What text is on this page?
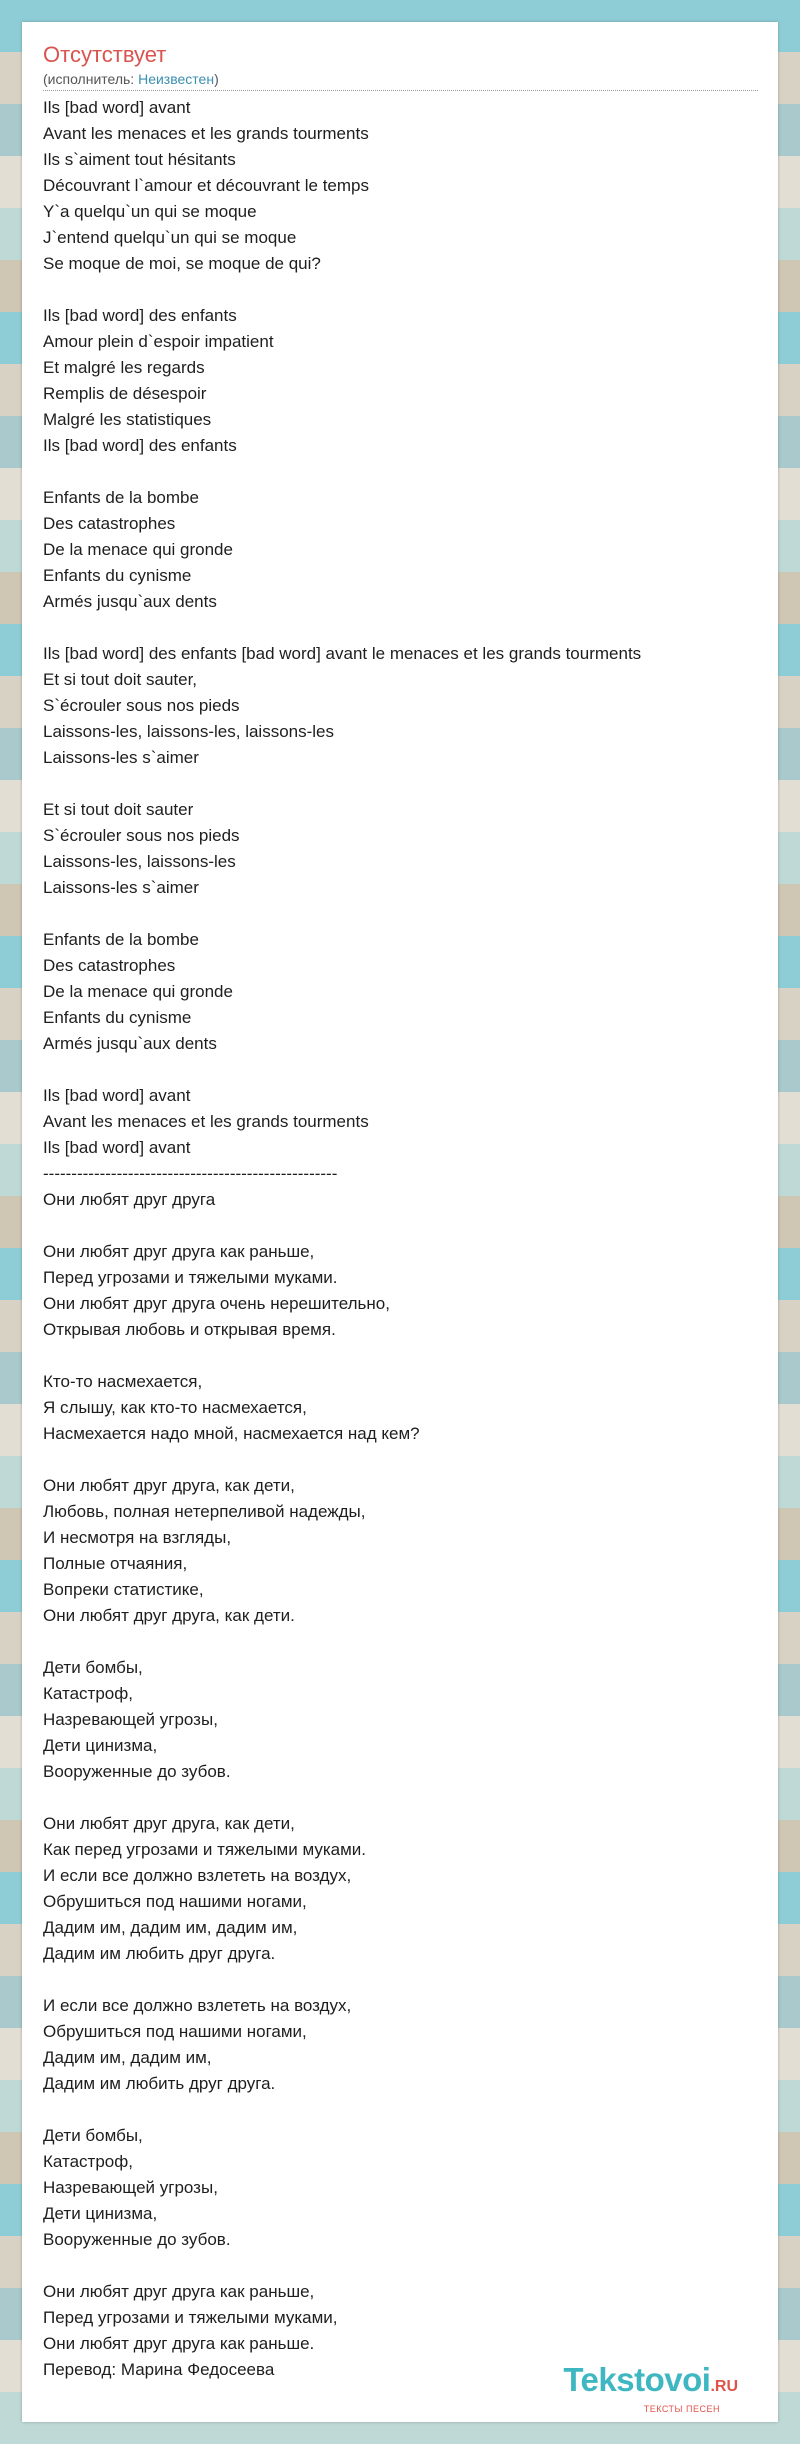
Отсутствует
(исполнитель: Неизвестен)
Ils [bad word] avant
Avant les menaces et les grands tourments
Ils s`aiment tout hésitants
Découvrant l`amour et découvrant le temps
Y`a quelqu`un qui se moque
J`entend quelqu`un qui se moque
Se moque de moi, se moque de qui?

Ils [bad word] des enfants
Amour plein d`espoir impatient
Et malgré les regards
Remplis de désespoir
Malgré les statistiques
Ils [bad word] des enfants

Enfants de la bombe
Des catastrophes
De la menace qui gronde
Enfants du cynisme
Armés jusqu`aux dents

Ils [bad word] des enfants [bad word] avant le menaces et les grands tourments
Et si tout doit sauter,
S`écrouler sous nos pieds
Laissons-les, laissons-les, laissons-les
Laissons-les s`aimer

Et si tout doit sauter
S`écrouler sous nos pieds
Laissons-les, laissons-les
Laissons-les s`aimer

Enfants de la bombe
Des catastrophes
De la menace qui gronde
Enfants du cynisme
Armés jusqu`aux dents

Ils [bad word] avant
Avant les menaces et les grands tourments
Ils [bad word] avant
----------------------------------------------------
Они любят друг друга

Они любят друг друга как раньше,
Перед угрозами и тяжелыми муками.
Они любят друг друга очень нерешительно,
Открывая любовь и открывая время.

Кто-то насмехается,
Я слышу, как кто-то насмехается,
Насмехается надо мной, насмехается над кем?

Они любят друг друга, как дети,
Любовь, полная нетерпеливой надежды,
И несмотря на взгляды,
Полные отчаяния,
Вопреки статистике,
Они любят друг друга, как дети.

Дети бомбы,
Катастроф,
Назревающей угрозы,
Дети цинизма,
Вооруженные до зубов.

Они любят друг друга, как дети,
Как перед угрозами и тяжелыми муками.
И если все должно взлететь на воздух,
Обрушиться под нашими ногами,
Дадим им, дадим им, дадим им,
Дадим им любить друг друга.

И если все должно взлететь на воздух,
Обрушиться под нашими ногами,
Дадим им, дадим им,
Дадим им любить друг друга.

Дети бомбы,
Катастроф,
Назревающей угрозы,
Дети цинизма,
Вооруженные до зубов.

Они любят друг друга как раньше,
Перед угрозами и тяжелыми муками,
Они любят друг друга как раньше.
Перевод: Марина Федосеева	Tekstovoi.RU
ТЕКСТЫ ПЕСЕН
